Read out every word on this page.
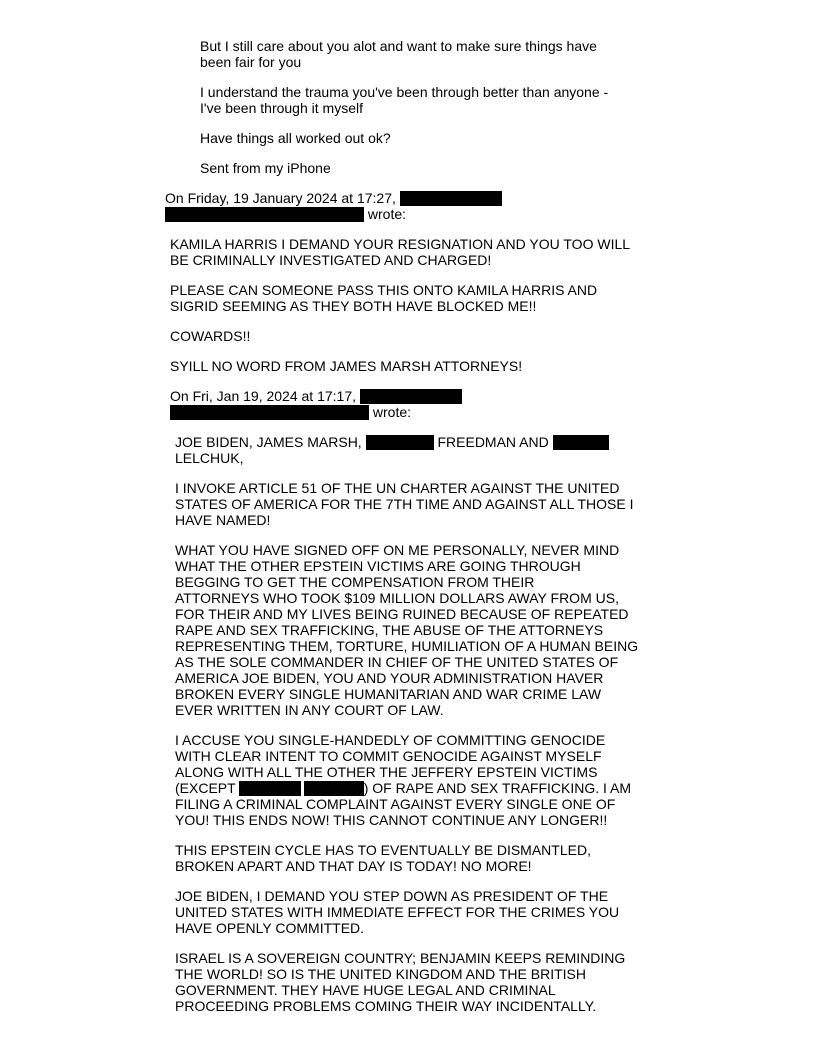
But I still care about you alot and want to make sure things have
been fair for you
I understand the trauma you've been through better than anyone -
I've been through it myself
Have things all worked out ok?
Sent from my iPhone
On Friday, 19 January 2024 at 17:27,
wrote:
KAMILA HARRIS I DEMAND YOUR RESIGNATION AND YOU TOO WILL
BE CRIMINALLY INVESTIGATED AND CHARGED!
PLEASE CAN SOMEONE PASS THIS ONTO KAMILA HARRIS AND
SIGRID SEEMING AS THEY BOTH HAVE BLOCKED ME!!
COWARDS!!
SYILL NO WORD FROM JAMES MARSH ATTORNEYS!
On Fri, Jan 19, 2024 at 17:17,
wrote:
JOE BIDEN, JAMES MARSH,	FREEDMAN AND
LELCHUK,
I INVOKE ARTICLE 51 OF THE UN CHARTER AGAINST THE UNITED
STATES OF AMERICA FOR THE 7TH TIME AND AGAINST ALL THOSE I
HAVE NAMED!
WHAT YOU HAVE SIGNED OFF ON ME PERSONALLY, NEVER MIND
WHAT THE OTHER EPSTEIN VICTIMS ARE GOING THROUGH
BEGGING TO GET THE COMPENSATION FROM THEIR
ATTORNEYS WHO TOOK $109 MILLION DOLLARS AWAY FROM US,
FOR THEIR AND MY LIVES BEING RUINED BECAUSE OF REPEATED
RAPE AND SEX TRAFFICKING, THE ABUSE OF THE ATTORNEYS
REPRESENTING THEM, TORTURE, HUMILIATION OF A HUMAN BEING
AS THE SOLE COMMANDER IN CHIEF OF THE UNITED STATES OF
AMERICA JOE BIDEN, YOU AND YOUR ADMINISTRATION HAVER
BROKEN EVERY SINGLE HUMANITARIAN AND WAR CRIME LAW
EVER WRITTEN IN ANY COURT OF LAW.
I ACCUSE YOU SINGLE-HANDEDLY OF COMMITTING GENOCIDE
WITH CLEAR INTENT TO COMMIT GENOCIDE AGAINST MYSELF
ALONG WITH ALL THE OTHER THE JEFFERY EPSTEIN VICTIMS
(EXCEPT	) OF RAPE AND SEX TRAFFICKING. I AM
FILING A CRIMINAL COMPLAINT AGAINST EVERY SINGLE ONE OF
YOU! THIS ENDS NOW! THIS CANNOT CONTINUE ANY LONGER!!
THIS EPSTEIN CYCLE HAS TO EVENTUALLY BE DISMANTLED,
BROKEN APART AND THAT DAY IS TODAY! NO MORE!
JOE BIDEN, I DEMAND YOU STEP DOWN AS PRESIDENT OF THE
UNITED STATES WITH IMMEDIATE EFFECT FOR THE CRIMES YOU
HAVE OPENLY COMMITTED.
ISRAEL IS A SOVEREIGN COUNTRY; BENJAMIN KEEPS REMINDING
THE WORLD! SO IS THE UNITED KINGDOM AND THE BRITISH
GOVERNMENT. THEY HAVE HUGE LEGAL AND CRIMINAL
PROCEEDING PROBLEMS COMING THEIR WAY INCIDENTALLY.
